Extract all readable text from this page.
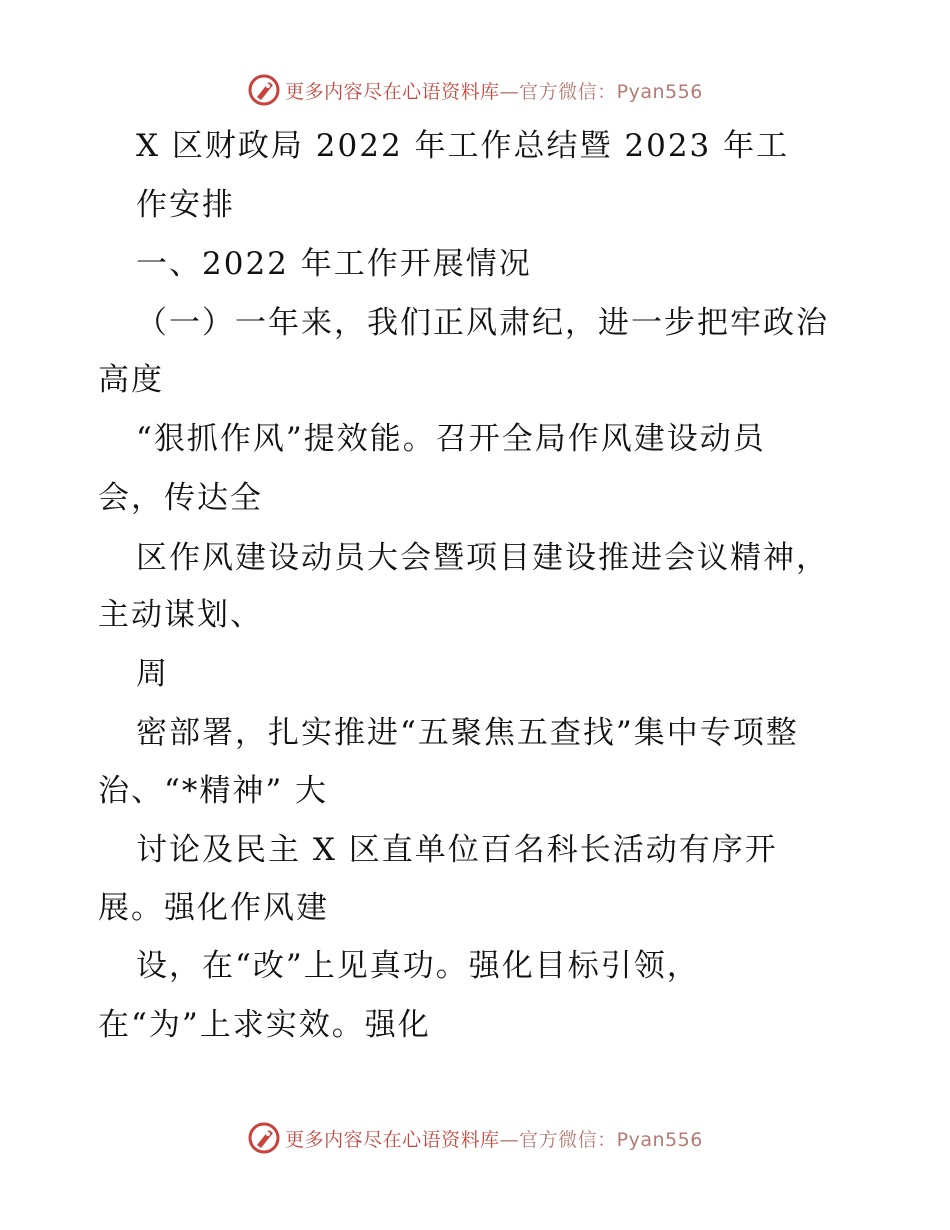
更多内容尽在心语资料库—官方微信：Pyan556
X 区财政局 2022 年工作总结暨 2023 年工
作安排
一、2022 年工作开展情况
（一）一年来，我们正风肃纪，进一步把牢政治
高度
“狠抓作风”提效能。召开全局作风建设动员
会，传达全
区作风建设动员大会暨项目建设推进会议精神，
主动谋划、
周
密部署，扎实推进“五聚焦五查找”集中专项整
治、“*精神” 大
讨论及民主 X 区直单位百名科长活动有序开
展。强化作风建
设，在“改”上见真功。强化目标引领，
在“为”上求实效。强化
更多内容尽在心语资料库—官方微信：Pyan556
